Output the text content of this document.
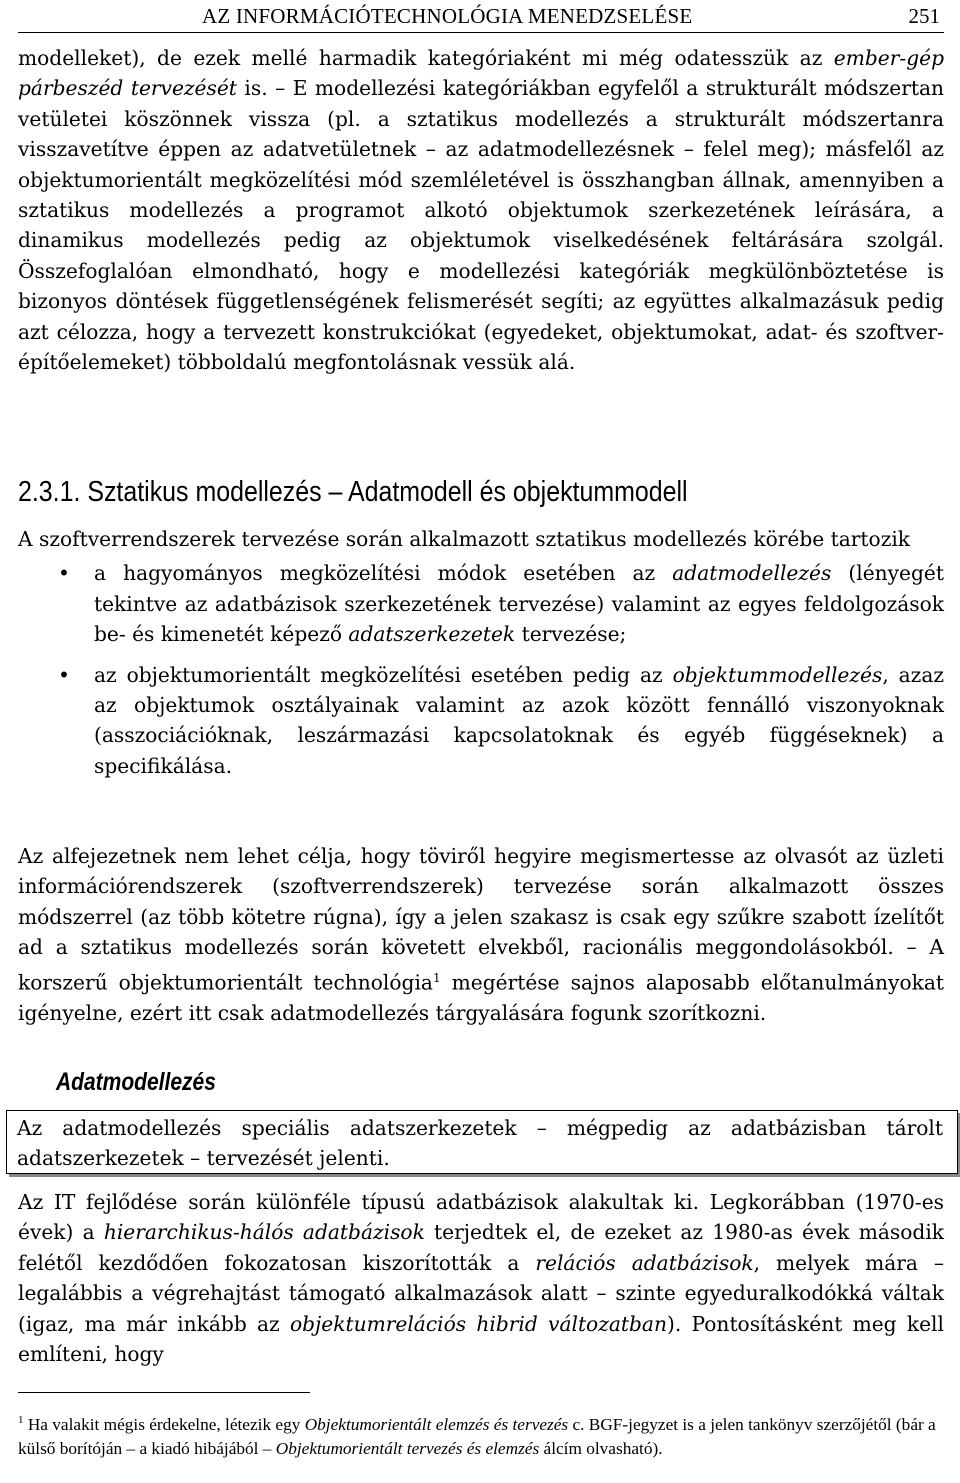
AZ INFORMÁCIÓTECHNOLÓGIA MENEDZSELÉSE	251

modelleket), de ezek mellé harmadik kategóriaként mi még odatesszük az ember-gép párbeszéd tervezését is. – E modellezési kategóriákban egyfelől a strukturált módszertan vetületei köszönnek vissza (pl. a sztatikus modellezés a strukturált módszertanra visszavetítve éppen az adatvetületnek – az adatmodellezésnek – felel meg); másfelől az objektumorientált megközelítési mód szemléletével is összhangban állnak, amennyiben a sztatikus modellezés a programot alkotó objektumok szerkezetének leírására, a dinamikus modellezés pedig az objektumok viselkedésének feltárására szolgál. Összefoglalóan elmondható, hogy e modellezési kategóriák megkülönböztetése is bizonyos döntések függetlenségének felismerését segíti; az együttes alkalmazásuk pedig azt célozza, hogy a tervezett konstrukciókat (egyedeket, objektumokat, adat- és szoftver-építőelemeket) többoldalú megfontolásnak vessük alá.

2.3.1. Sztatikus modellezés – Adatmodell és objektummodell

A szoftverrendszerek tervezése során alkalmazott sztatikus modellezés körébe tartozik

• a hagyományos megközelítési módok esetében az adatmodellezés (lényegét tekintve az adatbázisok szerkezetének tervezése) valamint az egyes feldolgozások be- és kimenetét képező adatszerkezetek tervezése;
• az objektumorientált megközelítési esetében pedig az objektummodellezés, azaz az objektumok osztályainak valamint az azok között fennálló viszonyoknak (asszociációknak, leszármazási kapcsolatoknak és egyéb függéseknek) a specifikálása.

Az alfejezetnek nem lehet célja, hogy töviről hegyire megismertesse az olvasót az üzleti információrendszerek (szoftverrendszerek) tervezése során alkalmazott összes módszerrel (az több kötetre rúgna), így a jelen szakasz is csak egy szűkre szabott ízelítőt ad a sztatikus modellezés során követett elvekből, racionális meggondolásokból. – A korszerű objektumorientált technológia$^1$ megértése sajnos alaposabb előtanulmányokat igényelne, ezért itt csak adatmodellezés tárgyalására fogunk szorítkozni.

Adatmodellezés

Az adatmodellezés speciális adatszerkezetek – mégpedig az adatbázisban tárolt adatszerkezetek – tervezését jelenti.

Az IT fejlődése során különféle típusú adatbázisok alakultak ki. Legkorábban (1970-es évek) a hierarchikus-hálós adatbázisok terjedtek el, de ezeket az 1980-as évek második felétől kezdődően fokozatosan kiszorították a relációs adatbázisok, melyek mára – legalábbis a végrehajtást támogató alkalmazások alatt – szinte egyeduralkodókká váltak (igaz, ma már inkább az objektumrelációs hibrid változatban). Pontosításként meg kell említeni, hogy

$^1$ Ha valakit mégis érdekelne, létezik egy Objektumorientált elemzés és tervezés c. BGF-jegyzet is a jelen tankönyv szerzőjétől (bár a külső borítóján – a kiadó hibájából – Objektumorientált tervezés és elemzés álcím olvasható).
